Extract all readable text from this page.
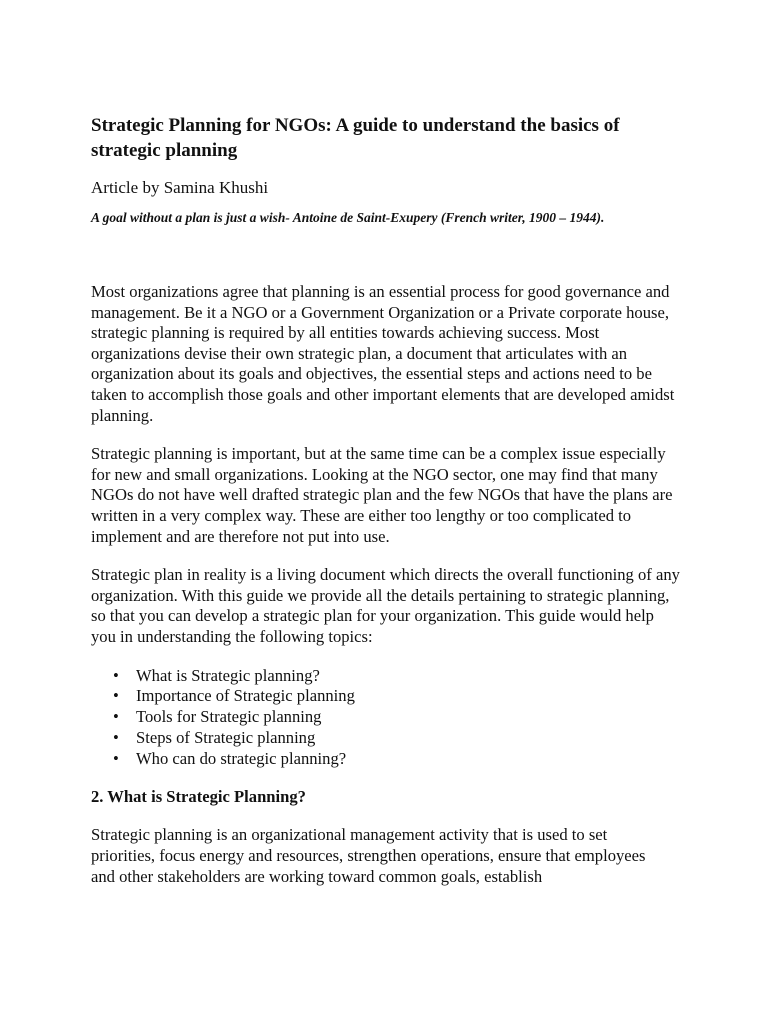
Strategic Planning for NGOs: A guide to understand the basics of strategic planning

Article by Samina Khushi

A goal without a plan is just a wish- Antoine de Saint-Exupery (French writer, 1900 – 1944).

Most organizations agree that planning is an essential process for good governance and management. Be it a NGO or a Government Organization or a Private corporate house, strategic planning is required by all entities towards achieving success. Most organizations devise their own strategic plan, a document that articulates with an organization about its goals and objectives, the essential steps and actions need to be taken to accomplish those goals and other important elements that are developed amidst planning.

Strategic planning is important, but at the same time can be a complex issue especially for new and small organizations. Looking at the NGO sector, one may find that many NGOs do not have well drafted strategic plan and the few NGOs that have the plans are written in a very complex way. These are either too lengthy or too complicated to implement and are therefore not put into use.

Strategic plan in reality is a living document which directs the overall functioning of any organization. With this guide we provide all the details pertaining to strategic planning, so that you can develop a strategic plan for your organization. This guide would help you in understanding the following topics:

• What is Strategic planning?
• Importance of Strategic planning
• Tools for Strategic planning
• Steps of Strategic planning
• Who can do strategic planning?

2. What is Strategic Planning?

Strategic planning is an organizational management activity that is used to set priorities, focus energy and resources, strengthen operations, ensure that employees and other stakeholders are working toward common goals, establish
